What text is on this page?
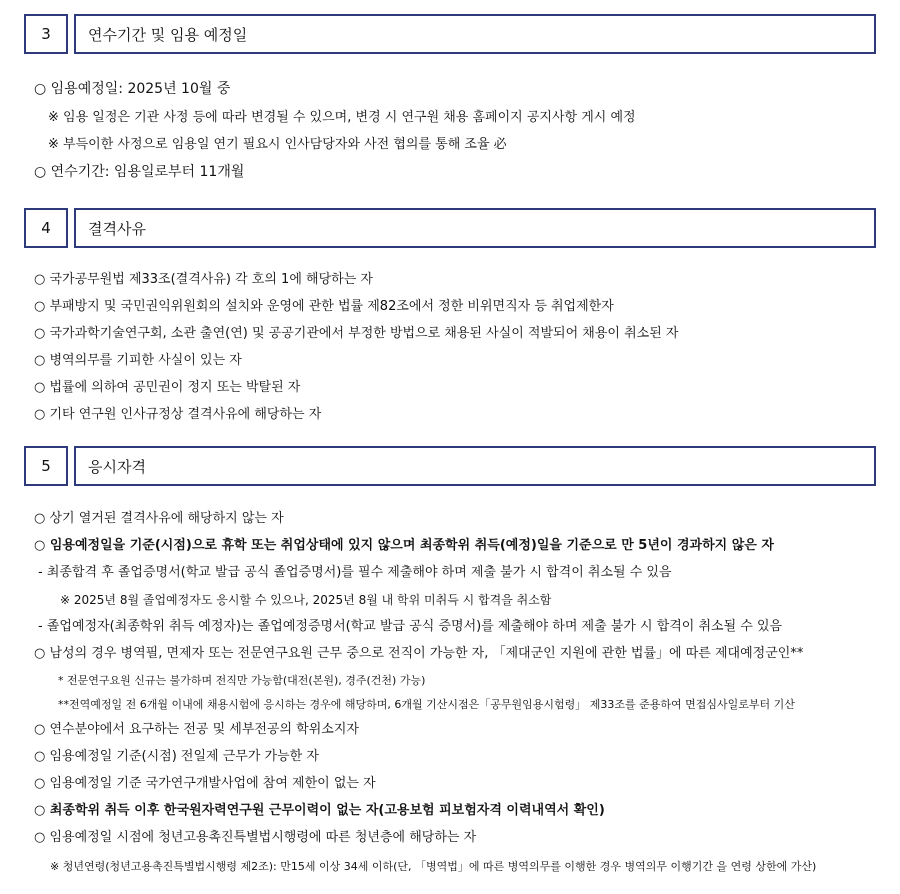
3	연수기간 및 임용 예정일
○ 임용예정일: 2025년 10월 중
※ 임용 일정은 기관 사정 등에 따라 변경될 수 있으며, 변경 시 연구원 채용 홈페이지 공지사항 게시 예정
※ 부득이한 사정으로 임용일 연기 필요시 인사담당자와 사전 협의를 통해 조율 必
○ 연수기간: 임용일로부터 11개월
4	결격사유
○ 국가공무원법 제33조(결격사유) 각 호의 1에 해당하는 자
○ 부패방지 및 국민권익위원회의 설치와 운영에 관한 법률 제82조에서 정한 비위면직자 등 취업제한자
○ 국가과학기술연구회, 소관 출연(연) 및 공공기관에서 부정한 방법으로 채용된 사실이 적발되어 채용이 취소된 자
○ 병역의무를 기피한 사실이 있는 자
○ 법률에 의하여 공민권이 정지 또는 박탈된 자
○ 기타 연구원 인사규정상 결격사유에 해당하는 자
5	응시자격
○ 상기 열거된 결격사유에 해당하지 않는 자
○ 임용예정일을 기준(시점)으로 휴학 또는 취업상태에 있지 않으며 최종학위 취득(예정)일을 기준으로 만 5년이 경과하지 않은 자
- 최종합격 후 졸업증명서(학교 발급 공식 졸업증명서)를 필수 제출해야 하며 제출 불가 시 합격이 취소될 수 있음
※ 2025년 8월 졸업예정자도 응시할 수 있으나, 2025년 8월 내 학위 미취득 시 합격을 취소함
- 졸업예정자(최종학위 취득 예정자)는 졸업예정증명서(학교 발급 공식 증명서)를 제출해야 하며 제출 불가 시 합격이 취소될 수 있음
○ 남성의 경우 병역필, 면제자 또는 전문연구요원 근무 중으로 전직이 가능한 자, 「제대군인 지원에 관한 법률」에 따른 제대예정군인**
* 전문연구요원 신규는 불가하며 전직만 가능함(대전(본원), 경주(건천) 가능)
**전역예정일 전 6개월 이내에 채용시험에 응시하는 경우에 해당하며, 6개월 기산시점은「공무원임용시험령」 제33조를 준용하여 면접심사일로부터 기산
○ 연수분야에서 요구하는 전공 및 세부전공의 학위소지자
○ 임용예정일 기준(시점) 전일제 근무가 가능한 자
○ 임용예정일 기준 국가연구개발사업에 참여 제한이 없는 자
○ 최종학위 취득 이후 한국원자력연구원 근무이력이 없는 자(고용보험 피보험자격 이력내역서 확인)
○ 임용예정일 시점에 청년고용촉진특별법시행령에 따른 청년층에 해당하는 자
※ 청년연령(청년고용촉진특별법시행령 제2조): 만15세 이상 34세 이하(단, 「병역법」에 따른 병역의무를 이행한 경우 병역의무 이행기간 을 연령 상한에 가산)
